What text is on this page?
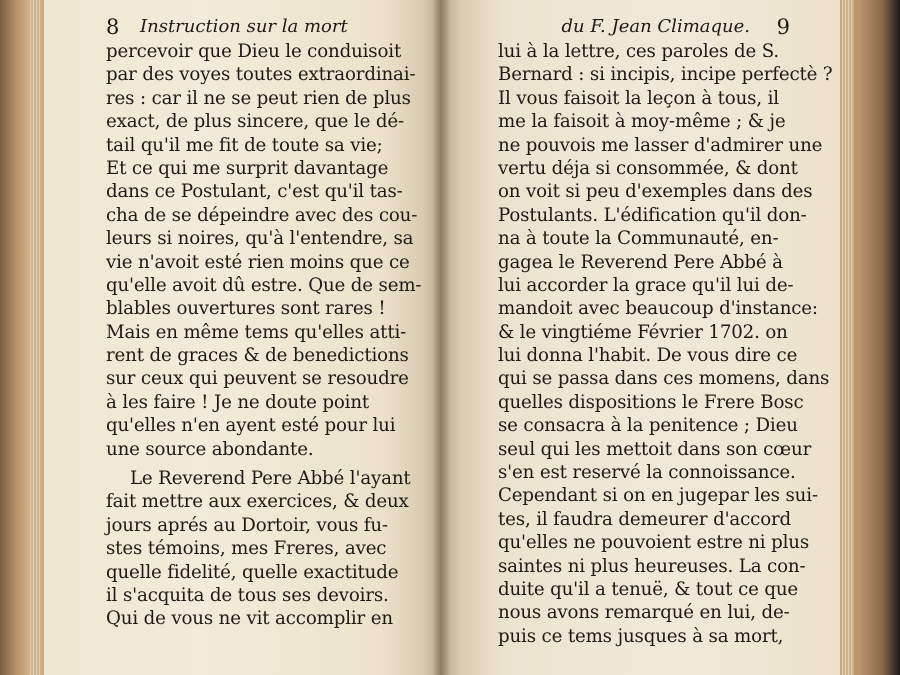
8 Instruction sur la mort
percevoir que Dieu le conduisoit
par des voyes toutes extraordinai-
res : car il ne se peut rien de plus
exact, de plus sincere, que le dé-
tail qu'il me fit de toute sa vie;
Et ce qui me surprit davantage
dans ce Postulant, c'est qu'il tas-
cha de se dépeindre avec des cou-
leurs si noires, qu'à l'entendre, sa
vie n'avoit esté rien moins que ce
qu'elle avoit dû estre. Que de sem-
blables ouvertures sont rares !
Mais en même tems qu'elles atti-
rent de graces & de benedictions
sur ceux qui peuvent se resoudre
à les faire ! Je ne doute point
qu'elles n'en ayent esté pour lui
une source abondante.
Le Reverend Pere Abbé l'ayant
fait mettre aux exercices, & deux
jours aprés au Dortoir, vous fu-
stes témoins, mes Freres, avec
quelle fidelité, quelle exactitude
il s'acquita de tous ses devoirs.
Qui de vous ne vit accomplir en
du F. Jean Climaque. 9
lui à la lettre, ces paroles de S.
Bernard : si incipis, incipe perfectè ?
Il vous faisoit la leçon à tous, il
me la faisoit à moy-même ; & je
ne pouvois me lasser d'admirer une
vertu déja si consommée, & dont
on voit si peu d'exemples dans des
Postulants. L'édification qu'il don-
na à toute la Communauté, en-
gagea le Reverend Pere Abbé à
lui accorder la grace qu'il lui de-
mandoit avec beaucoup d'instance:
& le vingtiéme Février 1702. on
lui donna l'habit. De vous dire ce
qui se passa dans ces momens, dans
quelles dispositions le Frere Bosc
se consacra à la penitence ; Dieu
seul qui les mettoit dans son cœur
s'en est reservé la connoissance.
Cependant si on en jugepar les sui-
tes, il faudra demeurer d'accord
qu'elles ne pouvoient estre ni plus
saintes ni plus heureuses. La con-
duite qu'il a tenuë, & tout ce que
nous avons remarqué en lui, de-
puis ce tems jusques à sa mort,
